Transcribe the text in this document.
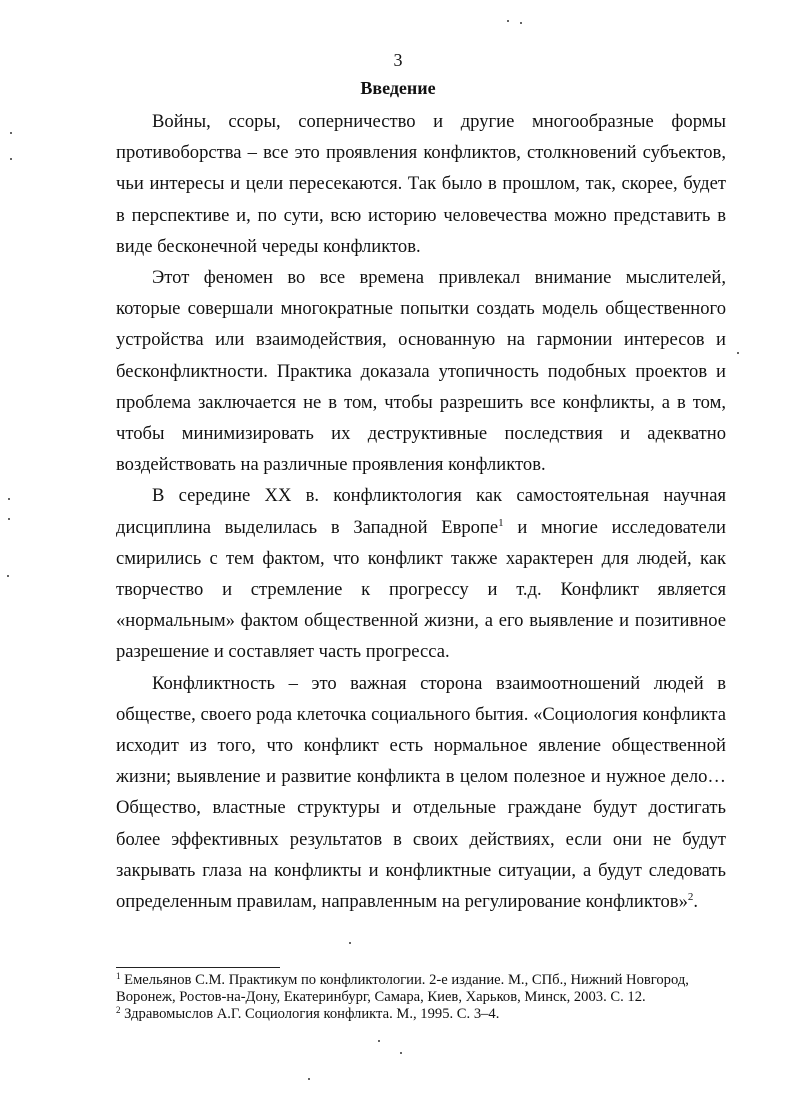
3
Введение

Войны, ссоры, соперничество и другие многообразные формы противоборства – все это проявления конфликтов, столкновений субъектов, чьи интересы и цели пересекаются. Так было в прошлом, так, скорее, будет в перспективе и, по сути, всю историю человечества можно представить в виде бесконечной череды конфликтов.

Этот феномен во все времена привлекал внимание мыслителей, которые совершали многократные попытки создать модель общественного устройства или взаимодействия, основанную на гармонии интересов и бесконфликтности. Практика доказала утопичность подобных проектов и проблема заключается не в том, чтобы разрешить все конфликты, а в том, чтобы минимизировать их деструктивные последствия и адекватно воздействовать на различные проявления конфликтов.

В середине XX в. конфликтология как самостоятельная научная дисциплина выделилась в Западной Европе$^1$ и многие исследователи смирились с тем фактом, что конфликт также характерен для людей, как творчество и стремление к прогрессу и т.д. Конфликт является «нормальным» фактом общественной жизни, а его выявление и позитивное разрешение и составляет часть прогресса.

Конфликтность – это важная сторона взаимоотношений людей в обществе, своего рода клеточка социального бытия. «Социология конфликта исходит из того, что конфликт есть нормальное явление общественной жизни; выявление и развитие конфликта в целом полезное и нужное дело… Общество, властные структуры и отдельные граждане будут достигать более эффективных результатов в своих действиях, если они не будут закрывать глаза на конфликты и конфликтные ситуации, а будут следовать определенным правилам, направленным на регулирование конфликтов»$^2$.

$^1$ Емельянов С.М. Практикум по конфликтологии. 2-е издание. М., СПб., Нижний Новгород, Воронеж, Ростов-на-Дону, Екатеринбург, Самара, Киев, Харьков, Минск, 2003. С. 12.

$^2$ Здравомыслов А.Г. Социология конфликта. М., 1995. С. 3–4.
